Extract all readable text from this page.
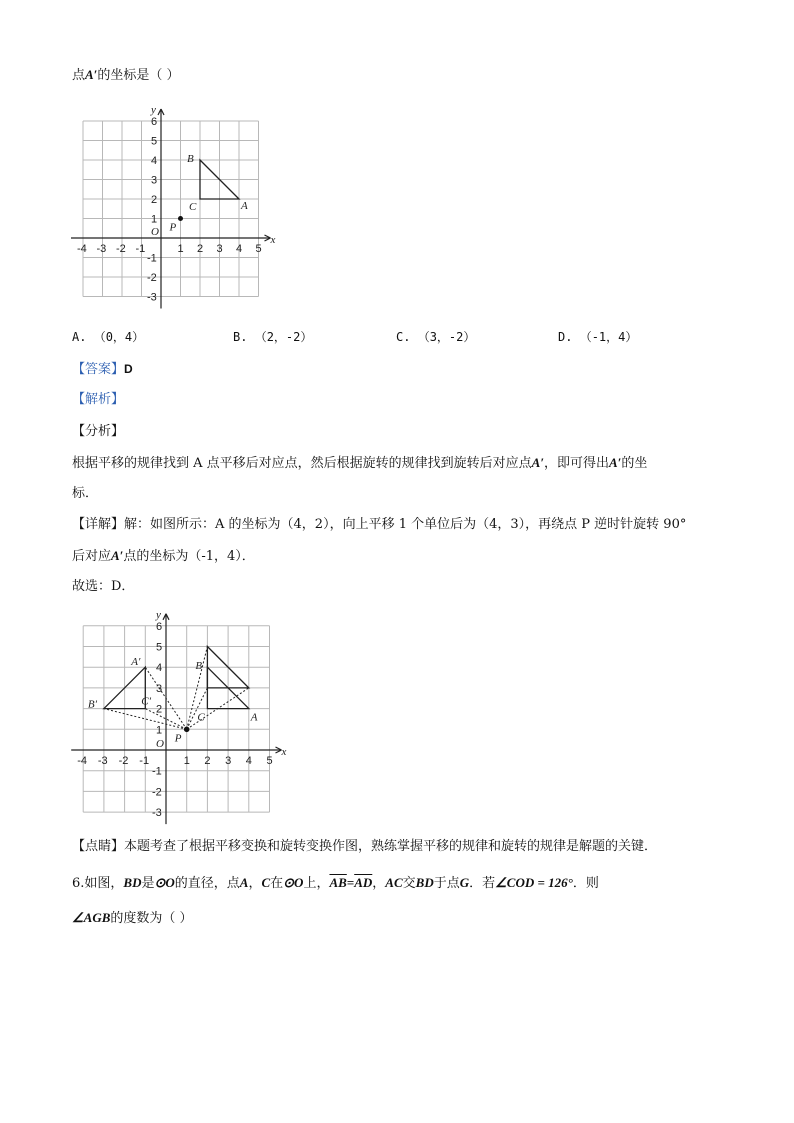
点A′的坐标是（ ）
x
y
O
-4 -3 -2 -1	1 2 3 4 5
6
5
4
3
2
1
-1
-2
-3
A
B
C
P
A. （0，4）	B. （2，-2）	C. （3，-2）	D. （-1，4）
【答案】D
【解析】
【分析】
根据平移的规律找到 A 点平移后对应点，然后根据旋转的规律找到旋转后对应点A′，即可得出A′的坐
标．
【详解】解：如图所示：A 的坐标为（4，2），向上平移 1 个单位后为（4，3），再绕点 P 逆时针旋转 90°
后对应A′点的坐标为（-1，4）．
故选：D．
x
y
O
-4 -3 -2 -1	1 2 3 4 5
6
5
4
3
2
1
-1
-2
-3
A
B
C
P
A′
B′	C′
【点睛】本题考查了根据平移变换和旋转变换作图，熟练掌握平移的规律和旋转的规律是解题的关键．
6.如图，BD是⊙O的直径，点A，C在⊙O上，$\overline{AB}=\overline{AD}$，AC交BD于点G．若∠COD = 126°．则
∠AGB的度数为（ ）
